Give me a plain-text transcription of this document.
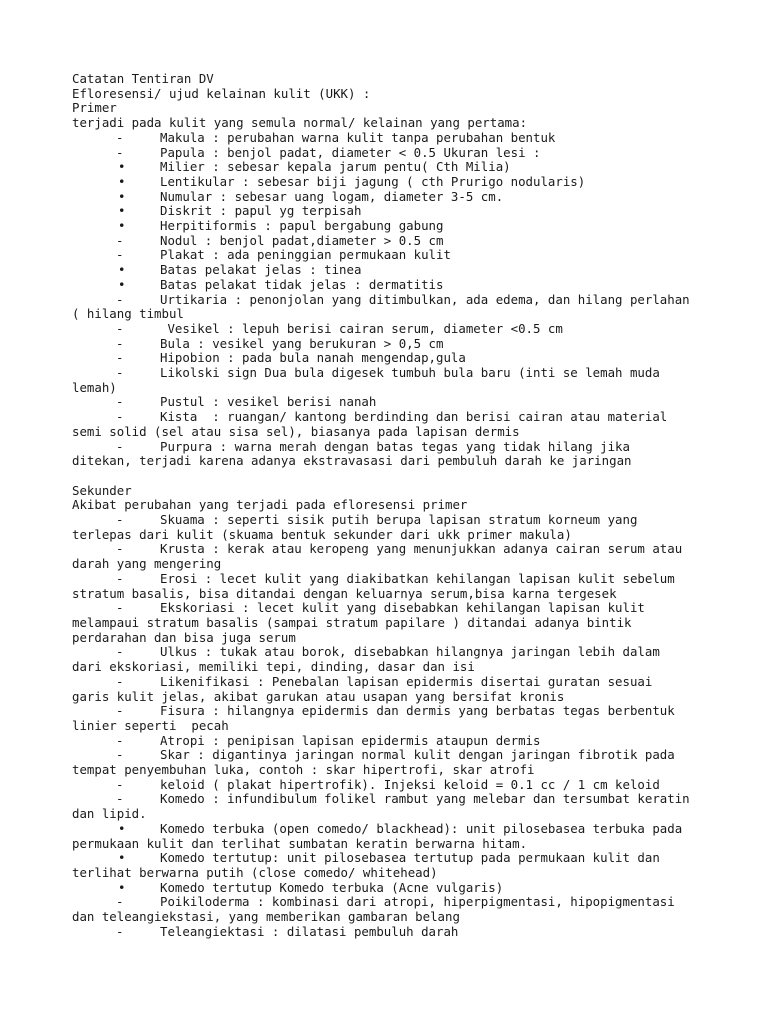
Catatan Tentiran DV
Efloresensi/ ujud kelainan kulit (UKK) :
Primer
terjadi pada kulit yang semula normal/ kelainan yang pertama:
-	Makula : perubahan warna kulit tanpa perubahan bentuk
-	Papula : benjol padat, diameter < 0.5 Ukuran lesi :
•	Milier : sebesar kepala jarum pentu( Cth Milia)
•	Lentikular : sebesar biji jagung ( cth Prurigo nodularis)
•	Numular : sebesar uang logam, diameter 3-5 cm.
•	Diskrit : papul yg terpisah
•	Herpitiformis : papul bergabung gabung
-	Nodul : benjol padat,diameter > 0.5 cm
-	Plakat : ada peninggian permukaan kulit
•	Batas pelakat jelas : tinea
•	Batas pelakat tidak jelas : dermatitis
-	Urtikaria : penonjolan yang ditimbulkan, ada edema, dan hilang perlahan
( hilang timbul
-	Vesikel : lepuh berisi cairan serum, diameter <0.5 cm
-	Bula : vesikel yang berukuran > 0,5 cm
-	Hipobion : pada bula nanah mengendap,gula
-	Likolski sign Dua bula digesek tumbuh bula baru (inti se lemah muda
lemah)
-	Pustul : vesikel berisi nanah
-	Kista  : ruangan/ kantong berdinding dan berisi cairan atau material
semi solid (sel atau sisa sel), biasanya pada lapisan dermis
-	Purpura : warna merah dengan batas tegas yang tidak hilang jika
ditekan, terjadi karena adanya ekstravasasi dari pembuluh darah ke jaringan
Sekunder
Akibat perubahan yang terjadi pada efloresensi primer
-	Skuama : seperti sisik putih berupa lapisan stratum korneum yang
terlepas dari kulit (skuama bentuk sekunder dari ukk primer makula)
-	Krusta : kerak atau keropeng yang menunjukkan adanya cairan serum atau
darah yang mengering
-	Erosi : lecet kulit yang diakibatkan kehilangan lapisan kulit sebelum
stratum basalis, bisa ditandai dengan keluarnya serum,bisa karna tergesek
-	Ekskoriasi : lecet kulit yang disebabkan kehilangan lapisan kulit
melampaui stratum basalis (sampai stratum papilare ) ditandai adanya bintik
perdarahan dan bisa juga serum
-	Ulkus : tukak atau borok, disebabkan hilangnya jaringan lebih dalam
dari ekskoriasi, memiliki tepi, dinding, dasar dan isi
-	Likenifikasi : Penebalan lapisan epidermis disertai guratan sesuai
garis kulit jelas, akibat garukan atau usapan yang bersifat kronis
-	Fisura : hilangnya epidermis dan dermis yang berbatas tegas berbentuk
linier seperti  pecah
-	Atropi : penipisan lapisan epidermis ataupun dermis
-	Skar : digantinya jaringan normal kulit dengan jaringan fibrotik pada
tempat penyembuhan luka, contoh : skar hipertrofi, skar atrofi
-	keloid ( plakat hipertrofik). Injeksi keloid = 0.1 cc / 1 cm keloid
-	Komedo : infundibulum folikel rambut yang melebar dan tersumbat keratin
dan lipid.
•	Komedo terbuka (open comedo/ blackhead): unit pilosebasea terbuka pada
permukaan kulit dan terlihat sumbatan keratin berwarna hitam.
•	Komedo tertutup: unit pilosebasea tertutup pada permukaan kulit dan
terlihat berwarna putih (close comedo/ whitehead)
•	Komedo tertutup Komedo terbuka (Acne vulgaris)
-	Poikiloderma : kombinasi dari atropi, hiperpigmentasi, hipopigmentasi
dan teleangiekstasi, yang memberikan gambaran belang
-	Teleangiektasi : dilatasi pembuluh darah
